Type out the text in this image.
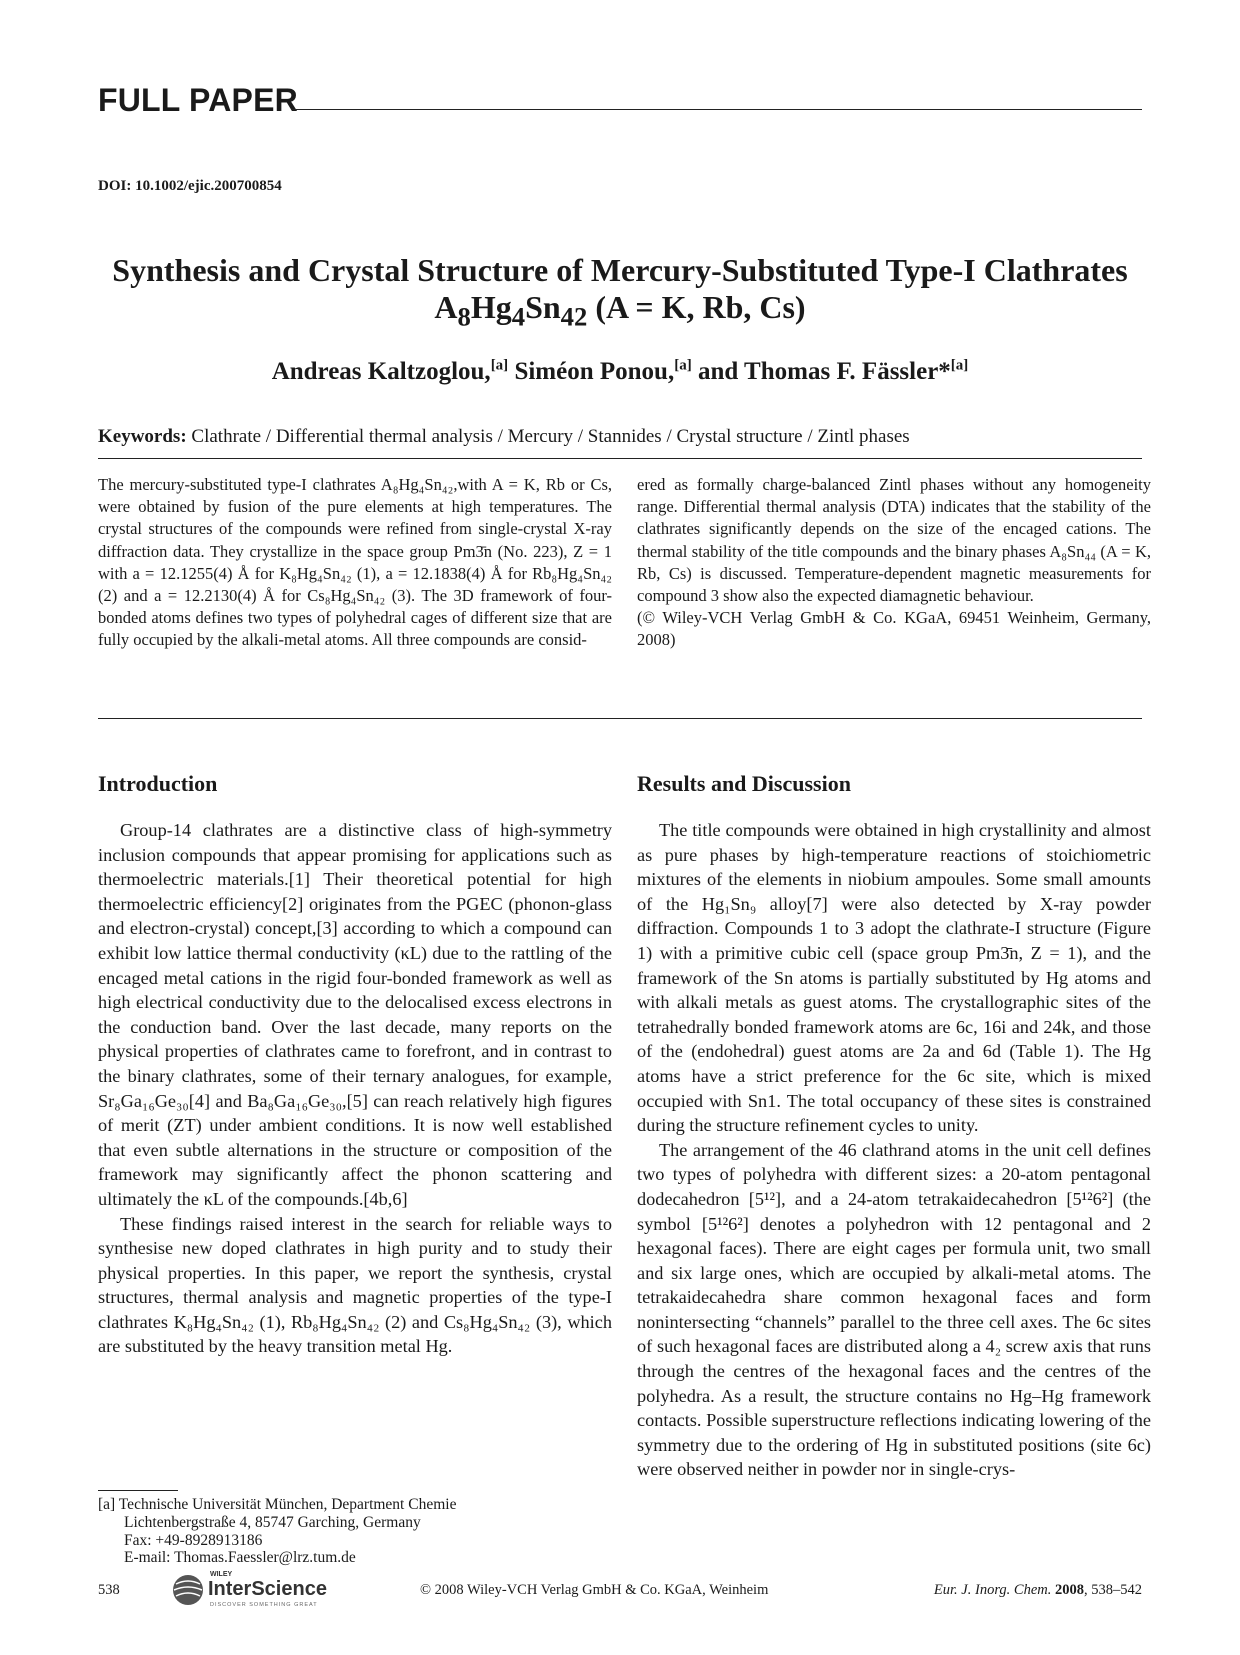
FULL PAPER
DOI: 10.1002/ejic.200700854
Synthesis and Crystal Structure of Mercury-Substituted Type-I Clathrates
$A_8Hg_4Sn_{42}$ (A = K, Rb, Cs)
Andreas Kaltzoglou,[a] Siméon Ponou,[a] and Thomas F. Fässler*[a]
Keywords: Clathrate / Differential thermal analysis / Mercury / Stannides / Crystal structure / Zintl phases

The mercury-substituted type-I clathrates A₈Hg₄Sn₄₂,with A = K, Rb or Cs, were obtained by fusion of the pure elements at high temperatures. The crystal structures of the compounds were refined from single-crystal X-ray diffraction data. They crystallize in the space group Pm3̄n (No. 223), Z = 1 with a = 12.1255(4) Å for K₈Hg₄Sn₄₂ (1), a = 12.1838(4) Å for Rb₈Hg₄Sn₄₂ (2) and a = 12.2130(4) Å for Cs₈Hg₄Sn₄₂ (3). The 3D framework of four-bonded atoms defines two types of polyhedral cages of different size that are fully occupied by the alkali-metal atoms. All three compounds are consid-

ered as formally charge-balanced Zintl phases without any homogeneity range. Differential thermal analysis (DTA) indicates that the stability of the clathrates significantly depends on the size of the encaged cations. The thermal stability of the title compounds and the binary phases A₈Sn₄₄ (A = K, Rb, Cs) is discussed. Temperature-dependent magnetic measurements for compound 3 show also the expected diamagnetic behaviour.

(© Wiley-VCH Verlag GmbH & Co. KGaA, 69451 Weinheim, Germany, 2008)

Introduction

Group-14 clathrates are a distinctive class of high-symmetry inclusion compounds that appear promising for applications such as thermoelectric materials.[1] Their theoretical potential for high thermoelectric efficiency[2] originates from the PGEC (phonon-glass and electron-crystal) concept,[3] according to which a compound can exhibit low lattice thermal conductivity (κL) due to the rattling of the encaged metal cations in the rigid four-bonded framework as well as high electrical conductivity due to the delocalised excess electrons in the conduction band. Over the last decade, many reports on the physical properties of clathrates came to forefront, and in contrast to the binary clathrates, some of their ternary analogues, for example, Sr₈Ga₁₆Ge₃₀[4] and Ba₈Ga₁₆Ge₃₀,[5] can reach relatively high figures of merit (ZT) under ambient conditions. It is now well established that even subtle alternations in the structure or composition of the framework may significantly affect the phonon scattering and ultimately the κL of the compounds.[4b,6]

These findings raised interest in the search for reliable ways to synthesise new doped clathrates in high purity and to study their physical properties. In this paper, we report the synthesis, crystal structures, thermal analysis and magnetic properties of the type-I clathrates K₈Hg₄Sn₄₂ (1), Rb₈Hg₄Sn₄₂ (2) and Cs₈Hg₄Sn₄₂ (3), which are substituted by the heavy transition metal Hg.

Results and Discussion

The title compounds were obtained in high crystallinity and almost as pure phases by high-temperature reactions of stoichiometric mixtures of the elements in niobium ampoules. Some small amounts of the Hg₁Sn₉ alloy[7] were also detected by X-ray powder diffraction. Compounds 1 to 3 adopt the clathrate-I structure (Figure 1) with a primitive cubic cell (space group Pm3̄n, Z = 1), and the framework of the Sn atoms is partially substituted by Hg atoms and with alkali metals as guest atoms. The crystallographic sites of the tetrahedrally bonded framework atoms are 6c, 16i and 24k, and those of the (endohedral) guest atoms are 2a and 6d (Table 1). The Hg atoms have a strict preference for the 6c site, which is mixed occupied with Sn1. The total occupancy of these sites is constrained during the structure refinement cycles to unity.

The arrangement of the 46 clathrand atoms in the unit cell defines two types of polyhedra with different sizes: a 20-atom pentagonal dodecahedron [5¹²], and a 24-atom tetrakaidecahedron [5¹²6²] (the symbol [5¹²6²] denotes a polyhedron with 12 pentagonal and 2 hexagonal faces). There are eight cages per formula unit, two small and six large ones, which are occupied by alkali-metal atoms. The tetrakaidecahedra share common hexagonal faces and form nonintersecting “channels” parallel to the three cell axes. The 6c sites of such hexagonal faces are distributed along a 4₂ screw axis that runs through the centres of the hexagonal faces and the centres of the polyhedra. As a result, the structure contains no Hg–Hg framework contacts. Possible superstructure reflections indicating lowering of the symmetry due to the ordering of Hg in substituted positions (site 6c) were observed neither in powder nor in single-crys-

[a] Technische Universität München, Department Chemie
Lichtenbergstraße 4, 85747 Garching, Germany
Fax: +49-8928913186
E-mail: Thomas.Faessler@lrz.tum.de
538
WILEY
InterScience
DISCOVER SOMETHING GREAT
© 2008 Wiley-VCH Verlag GmbH & Co. KGaA, Weinheim	Eur. J. Inorg. Chem. 2008, 538–542
